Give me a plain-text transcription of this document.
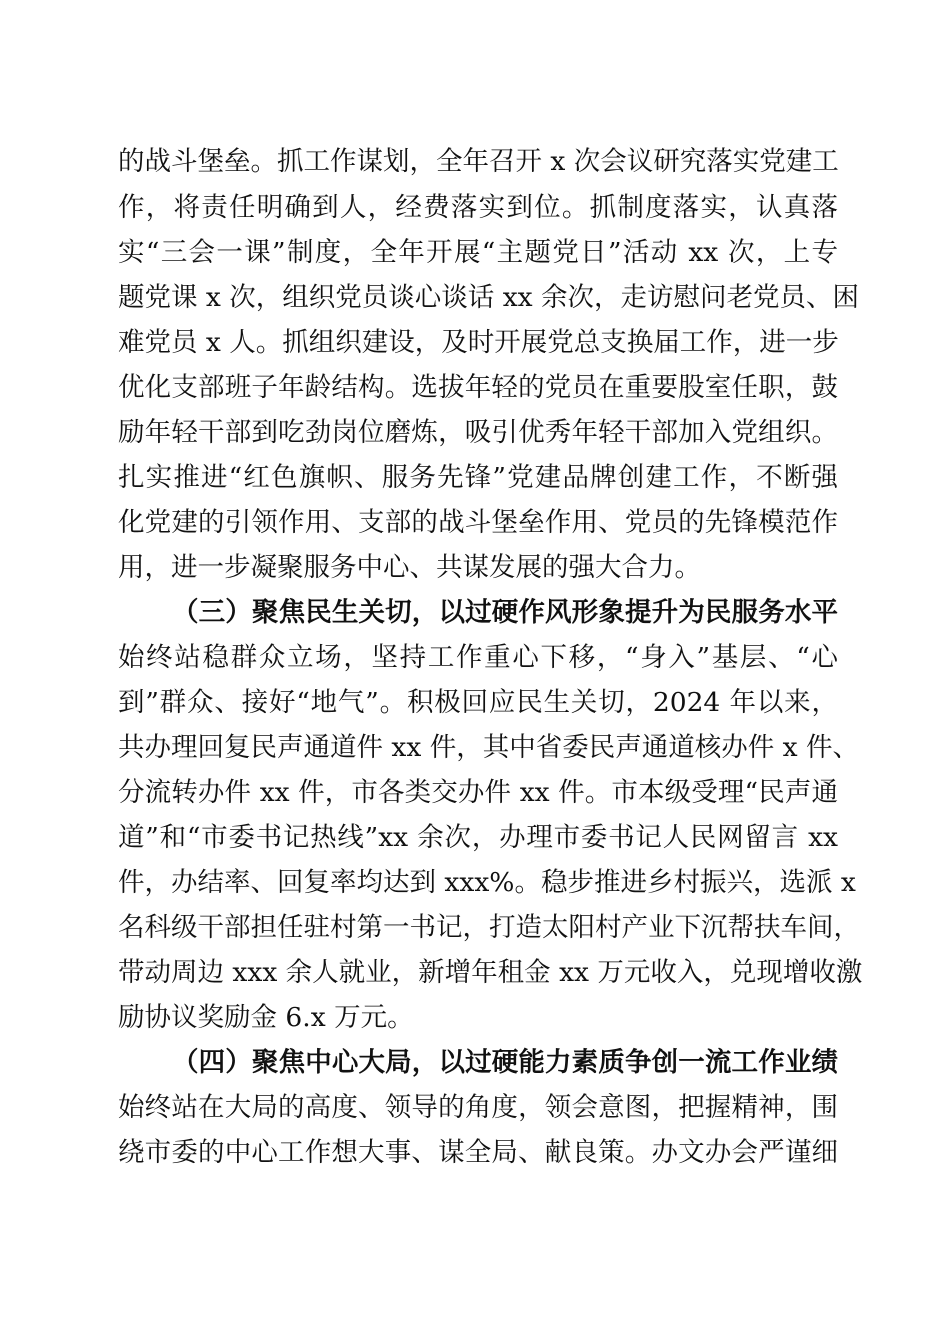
的战斗堡垒。抓工作谋划，全年召开 x 次会议研究落实党建工
作，将责任明确到人，经费落实到位。抓制度落实，认真落
实“三会一课”制度，全年开展“主题党日”活动 xx 次，上专
题党课 x 次，组织党员谈心谈话 xx 余次，走访慰问老党员、困
难党员 x 人。抓组织建设，及时开展党总支换届工作，进一步
优化支部班子年龄结构。选拔年轻的党员在重要股室任职，鼓
励年轻干部到吃劲岗位磨炼，吸引优秀年轻干部加入党组织。
扎实推进“红色旗帜、服务先锋”党建品牌创建工作，不断强
化党建的引领作用、支部的战斗堡垒作用、党员的先锋模范作
用，进一步凝聚服务中心、共谋发展的强大合力。
（三）聚焦民生关切，以过硬作风形象提升为民服务水平
始终站稳群众立场，坚持工作重心下移，“身入”基层、“心
到”群众、接好“地气”。积极回应民生关切，2024 年以来，
共办理回复民声通道件 xx 件，其中省委民声通道核办件 x 件、
分流转办件 xx 件，市各类交办件 xx 件。市本级受理“民声通
道”和“市委书记热线”xx 余次，办理市委书记人民网留言 xx
件，办结率、回复率均达到 xxx%。稳步推进乡村振兴，选派 x
名科级干部担任驻村第一书记，打造太阳村产业下沉帮扶车间，
带动周边 xxx 余人就业，新增年租金 xx 万元收入，兑现增收激
励协议奖励金 6.x 万元。
（四）聚焦中心大局，以过硬能力素质争创一流工作业绩
始终站在大局的高度、领导的角度，领会意图，把握精神，围
绕市委的中心工作想大事、谋全局、献良策。办文办会严谨细
